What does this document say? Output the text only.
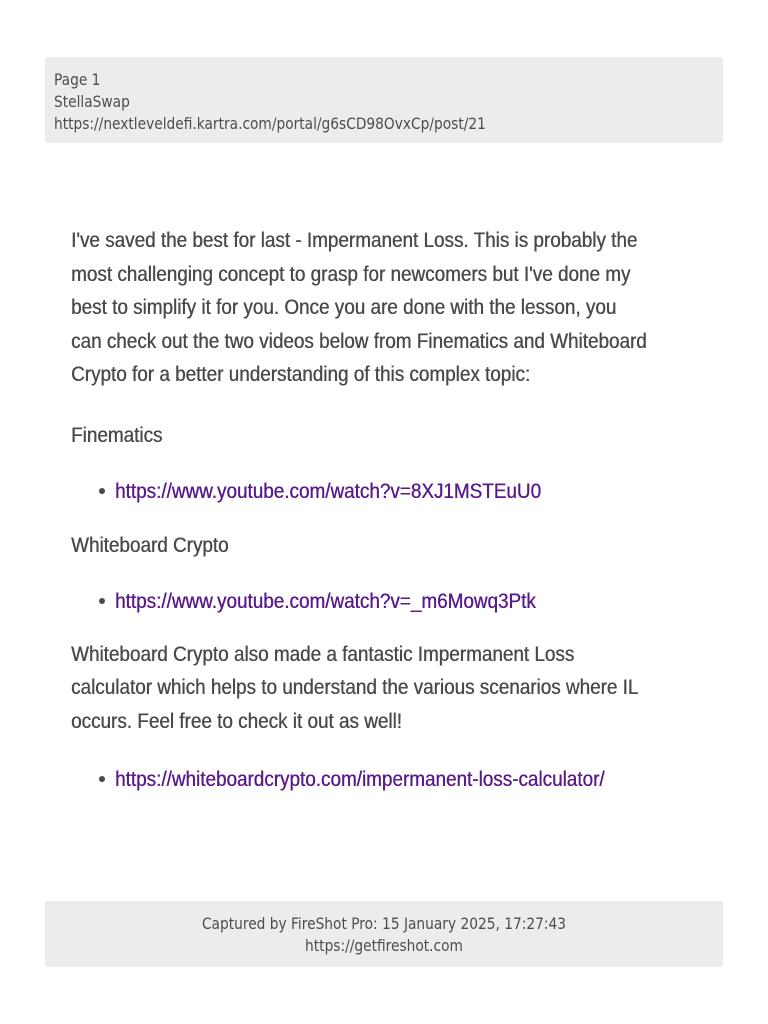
Page 1
StellaSwap
https://nextleveldefi.kartra.com/portal/g6sCD98OvxCp/post/21
I've saved the best for last - Impermanent Loss. This is probably the
most challenging concept to grasp for newcomers but I've done my
best to simplify it for you. Once you are done with the lesson, you
can check out the two videos below from Finematics and Whiteboard
Crypto for a better understanding of this complex topic:
Finematics
https://www.youtube.com/watch?v=8XJ1MSTEuU0
Whiteboard Crypto
https://www.youtube.com/watch?v=_m6Mowq3Ptk
Whiteboard Crypto also made a fantastic Impermanent Loss
calculator which helps to understand the various scenarios where IL
occurs. Feel free to check it out as well!
https://whiteboardcrypto.com/impermanent-loss-calculator/
Captured by FireShot Pro: 15 January 2025, 17:27:43
https://getfireshot.com
